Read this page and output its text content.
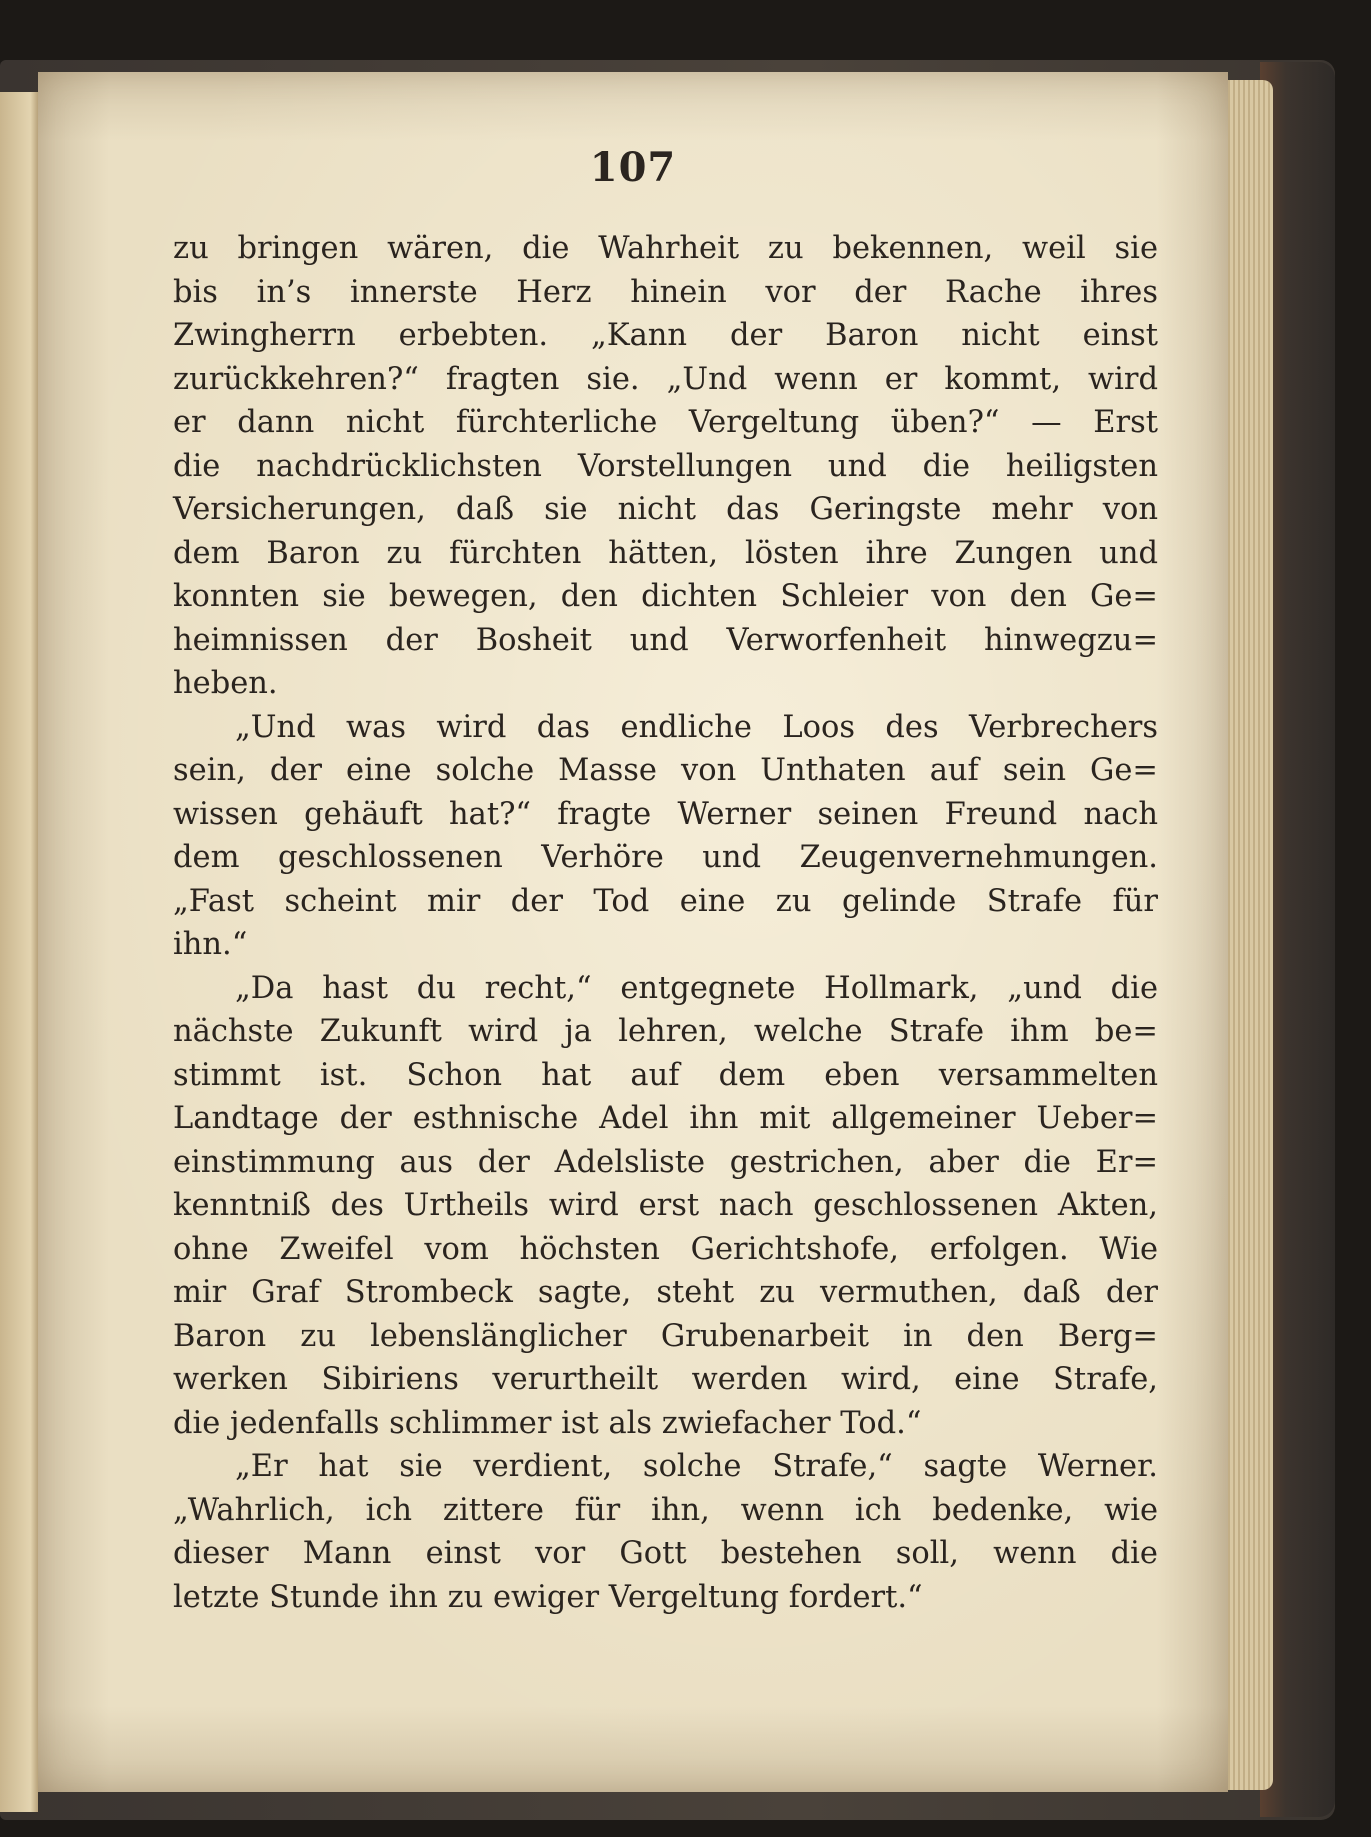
107
zu bringen wären, die Wahrheit zu bekennen, weil sie
bis in’s innerste Herz hinein vor der Rache ihres
Zwingherrn erbebten. „Kann der Baron nicht einst
zurückkehren?“ fragten sie. „Und wenn er kommt, wird
er dann nicht fürchterliche Vergeltung üben?“ — Erst
die nachdrücklichsten Vorstellungen und die heiligsten
Versicherungen, daß sie nicht das Geringste mehr von
dem Baron zu fürchten hätten, lösten ihre Zungen und
konnten sie bewegen, den dichten Schleier von den Ge=
heimnissen der Bosheit und Verworfenheit hinwegzu=
heben.
„Und was wird das endliche Loos des Verbrechers
sein, der eine solche Masse von Unthaten auf sein Ge=
wissen gehäuft hat?“ fragte Werner seinen Freund nach
dem geschlossenen Verhöre und Zeugenvernehmungen.
„Fast scheint mir der Tod eine zu gelinde Strafe für
ihn.“
„Da hast du recht,“ entgegnete Hollmark, „und die
nächste Zukunft wird ja lehren, welche Strafe ihm be=
stimmt ist. Schon hat auf dem eben versammelten
Landtage der esthnische Adel ihn mit allgemeiner Ueber=
einstimmung aus der Adelsliste gestrichen, aber die Er=
kenntniß des Urtheils wird erst nach geschlossenen Akten,
ohne Zweifel vom höchsten Gerichtshofe, erfolgen. Wie
mir Graf Strombeck sagte, steht zu vermuthen, daß der
Baron zu lebenslänglicher Grubenarbeit in den Berg=
werken Sibiriens verurtheilt werden wird, eine Strafe,
die jedenfalls schlimmer ist als zwiefacher Tod.“
„Er hat sie verdient, solche Strafe,“ sagte Werner.
„Wahrlich, ich zittere für ihn, wenn ich bedenke, wie
dieser Mann einst vor Gott bestehen soll, wenn die
letzte Stunde ihn zu ewiger Vergeltung fordert.“
